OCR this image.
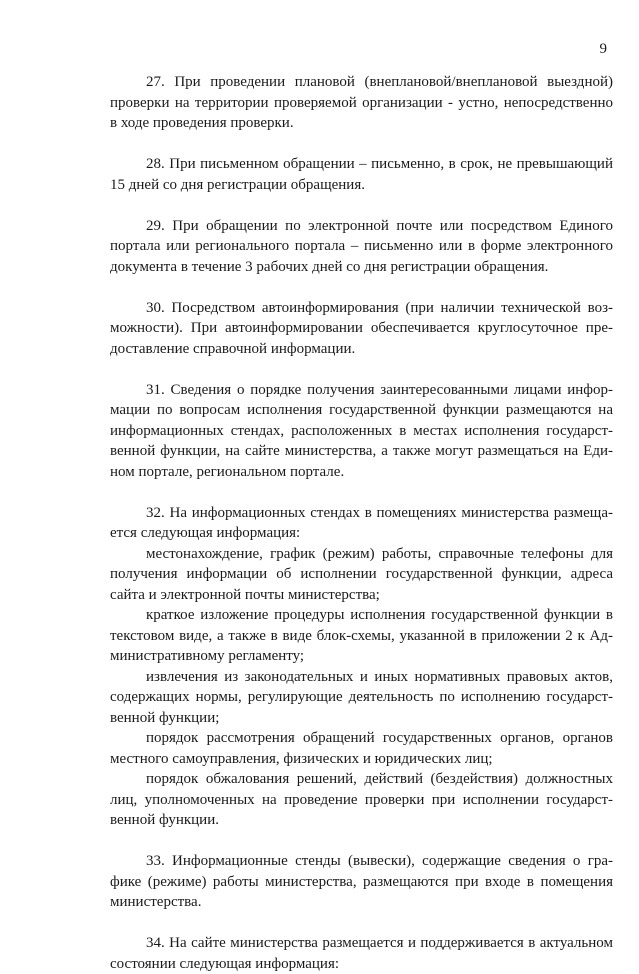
9
27. При проведении плановой (внеплановой/внеплановой выездной)
проверки на территории проверяемой организации - устно, непосредственно
в ходе проведения проверки.
28. При письменном обращении – письменно, в срок, не превышающий
15 дней со дня регистрации обращения.
29. При обращении по электронной почте или посредством Единого
портала или регионального портала – письменно или в форме электронного
документа в течение 3 рабочих дней со дня регистрации обращения.
30. Посредством автоинформирования (при наличии технической воз-
можности). При автоинформировании обеспечивается круглосуточное пре-
доставление справочной информации.
31. Сведения о порядке получения заинтересованными лицами инфор-
мации по вопросам исполнения государственной функции размещаются на
информационных стендах, расположенных в местах исполнения государст-
венной функции, на сайте министерства, а также могут размещаться на Еди-
ном портале, региональном портале.
32. На информационных стендах в помещениях министерства размеща-
ется следующая информация:
местонахождение, график (режим) работы, справочные телефоны для
получения информации об исполнении государственной функции, адреса
сайта и электронной почты министерства;
краткое изложение процедуры исполнения государственной функции в
текстовом виде, а также в виде блок-схемы, указанной в приложении 2 к Ад-
министративному регламенту;
извлечения из законодательных и иных нормативных правовых актов,
содержащих нормы, регулирующие деятельность по исполнению государст-
венной функции;
порядок рассмотрения обращений государственных органов, органов
местного самоуправления, физических и юридических лиц;
порядок обжалования решений, действий (бездействия) должностных
лиц, уполномоченных на проведение проверки при исполнении государст-
венной функции.
33. Информационные стенды (вывески), содержащие сведения о гра-
фике (режиме) работы министерства, размещаются при входе в помещения
министерства.
34. На сайте министерства размещается и поддерживается в актуальном
состоянии следующая информация:
